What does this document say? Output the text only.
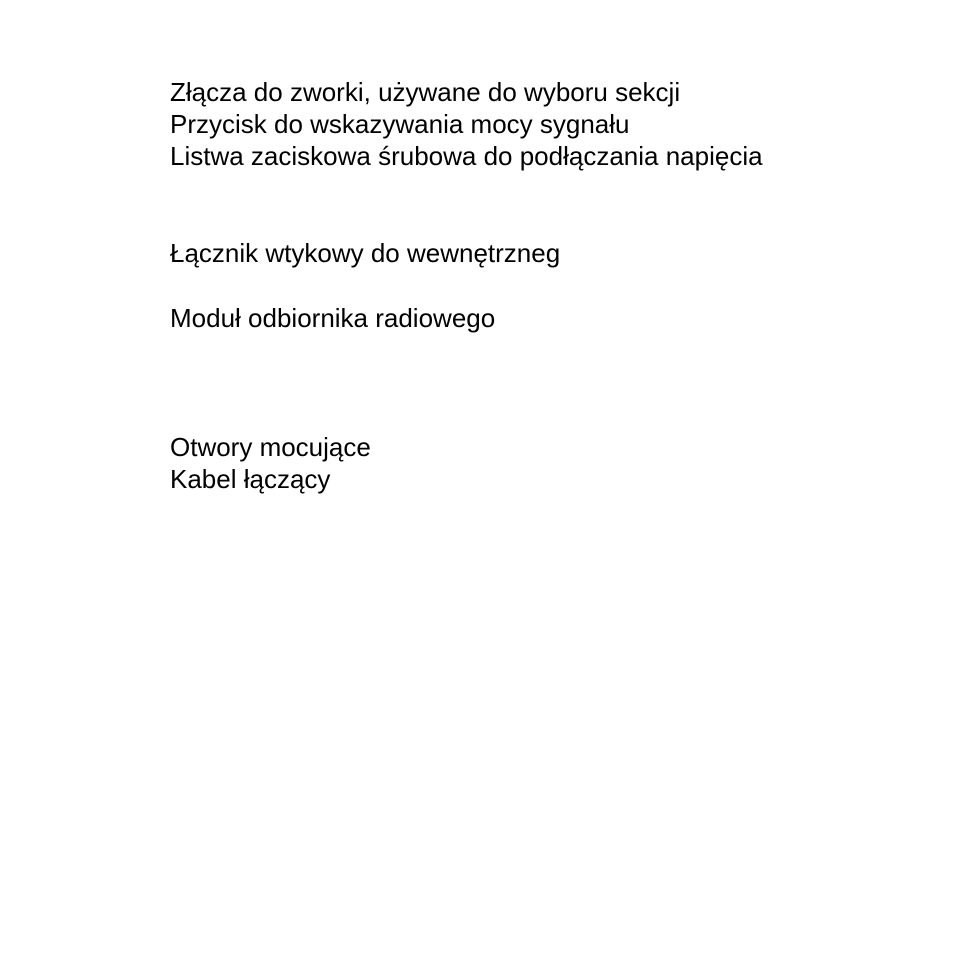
Złącza do zworki, używane do wyboru sekcji
Przycisk do wskazywania mocy sygnału
Listwa zaciskowa śrubowa do podłączania napięcia
Łącznik wtykowy do wewnętrzneg
Moduł odbiornika radiowego
Otwory mocujące
Kabel łączący
